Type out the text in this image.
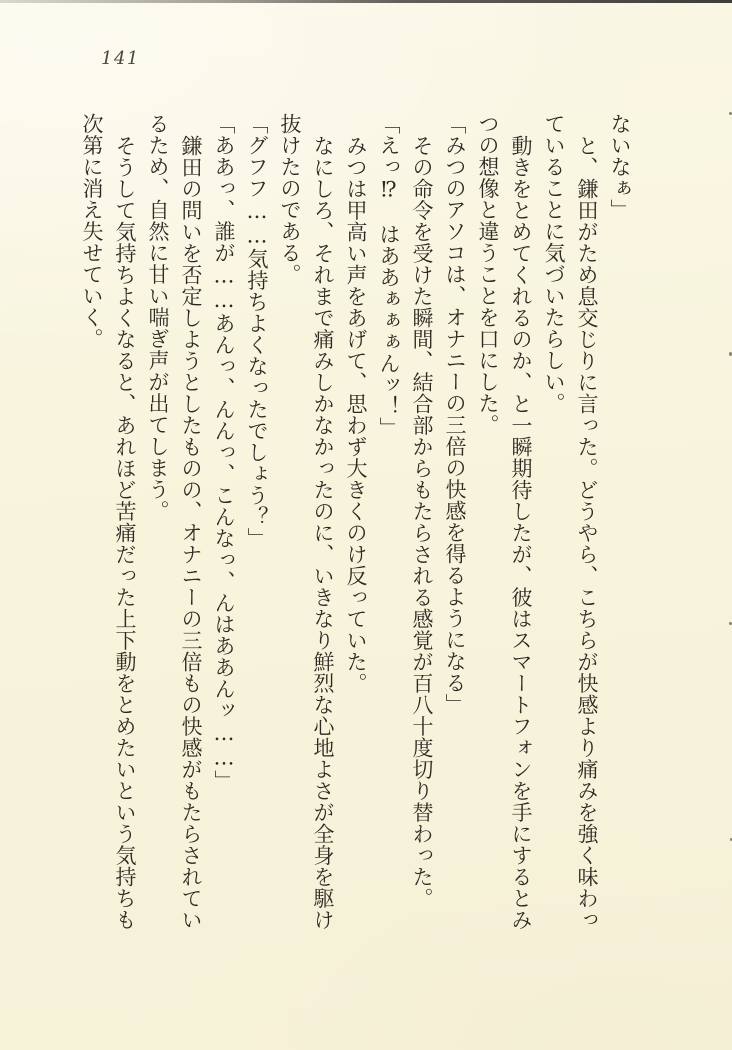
141
ないなぁ」
と、鎌田がため息交じりに言った。どうやら、こちらが快感より痛みを強く味わっ
ていることに気づいたらしい。
動きをとめてくれるのか、と一瞬期待したが、彼はスマートフォンを手にするとみ
つの想像と違うことを口にした。
「みつのアソコは、オナニーの三倍の快感を得るようになる」
その命令を受けた瞬間、結合部からもたらされる感覚が百八十度切り替わった。
「えっ⁉　はああぁぁぁんッ！」
みつは甲高い声をあげて、思わず大きくのけ反っていた。
なにしろ、それまで痛みしかなかったのに、いきなり鮮烈な心地よさが全身を駆け
抜けたのである。
「グフフ……気持ちよくなったでしょう？」
「ああっ、誰が……あんっ、んんっ、こんなっ、んはああんッ……」
鎌田の問いを否定しようとしたものの、オナニーの三倍もの快感がもたらされてい
るため、自然に甘い喘ぎ声が出てしまう。
そうして気持ちよくなると、あれほど苦痛だった上下動をとめたいという気持ちも
次第に消え失せていく。
